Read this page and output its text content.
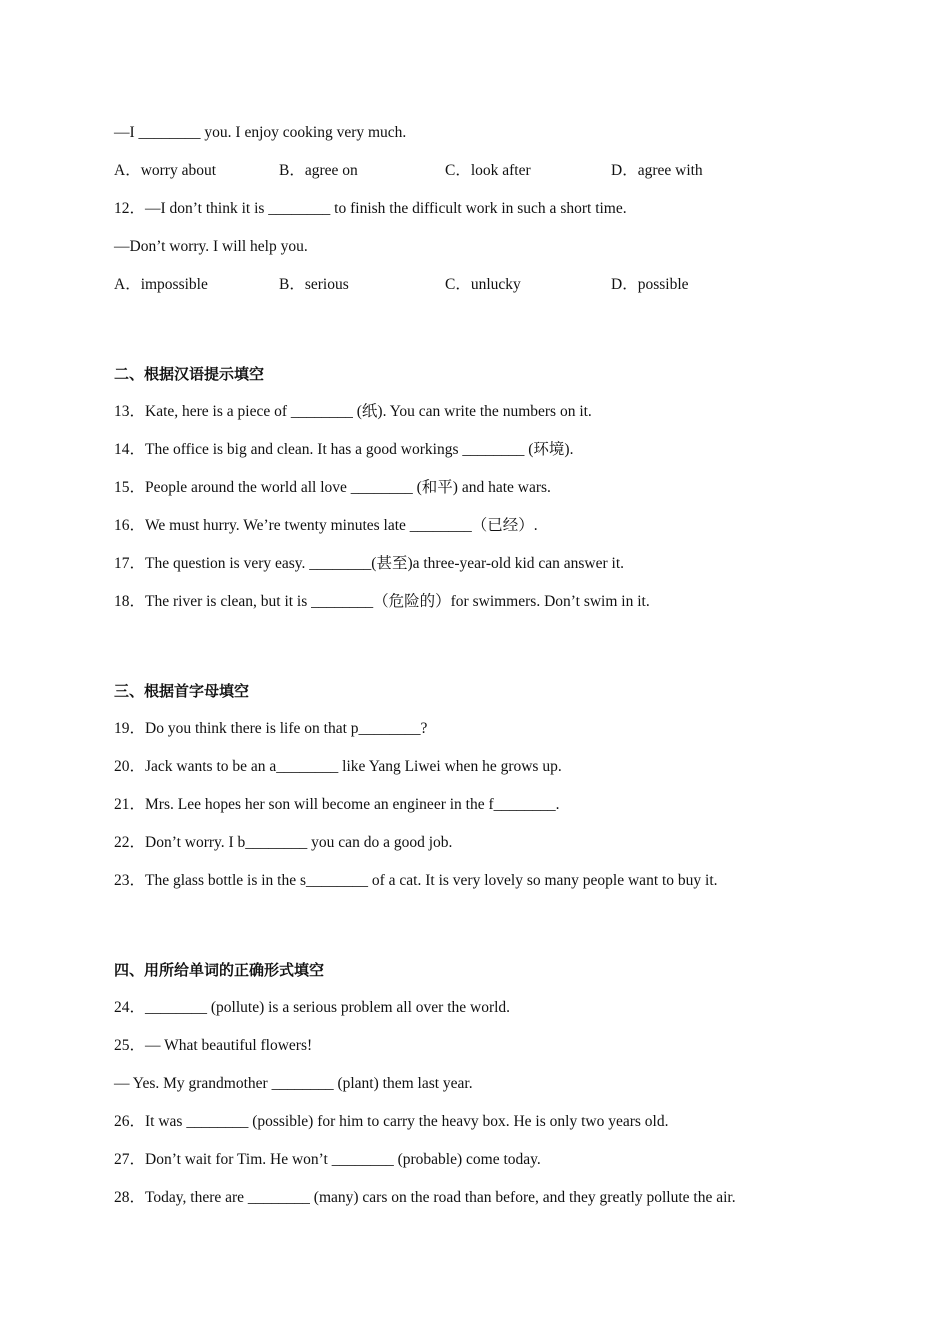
—I ________ you. I enjoy cooking very much.
A．worry about	B．agree on	C．look after	D．agree with
12．—I don’t think it is ________ to finish the difficult work in such a short time.
—Don’t worry. I will help you.
A．impossible	B．serious	C．unlucky	D．possible
二、根据汉语提示填空
13．Kate, here is a piece of ________ (纸). You can write the numbers on it.
14．The office is big and clean. It has a good workings ________ (环境).
15．People around the world all love ________ (和平) and hate wars.
16．We must hurry. We’re twenty minutes late ________（已经）.
17．The question is very easy. ________(甚至)a three-year-old kid can answer it.
18．The river is clean, but it is ________（危险的）for swimmers. Don’t swim in it.
三、根据首字母填空
19．Do you think there is life on that p________?
20．Jack wants to be an a________ like Yang Liwei when he grows up.
21．Mrs. Lee hopes her son will become an engineer in the f________.
22．Don’t worry. I b________ you can do a good job.
23．The glass bottle is in the s________ of a cat. It is very lovely so many people want to buy it.
四、用所给单词的正确形式填空
24．________ (pollute) is a serious problem all over the world.
25．— What beautiful flowers!
— Yes. My grandmother ________ (plant) them last year.
26．It was ________ (possible) for him to carry the heavy box. He is only two years old.
27．Don’t wait for Tim. He won’t ________ (probable) come today.
28．Today, there are ________ (many) cars on the road than before, and they greatly pollute the air.
